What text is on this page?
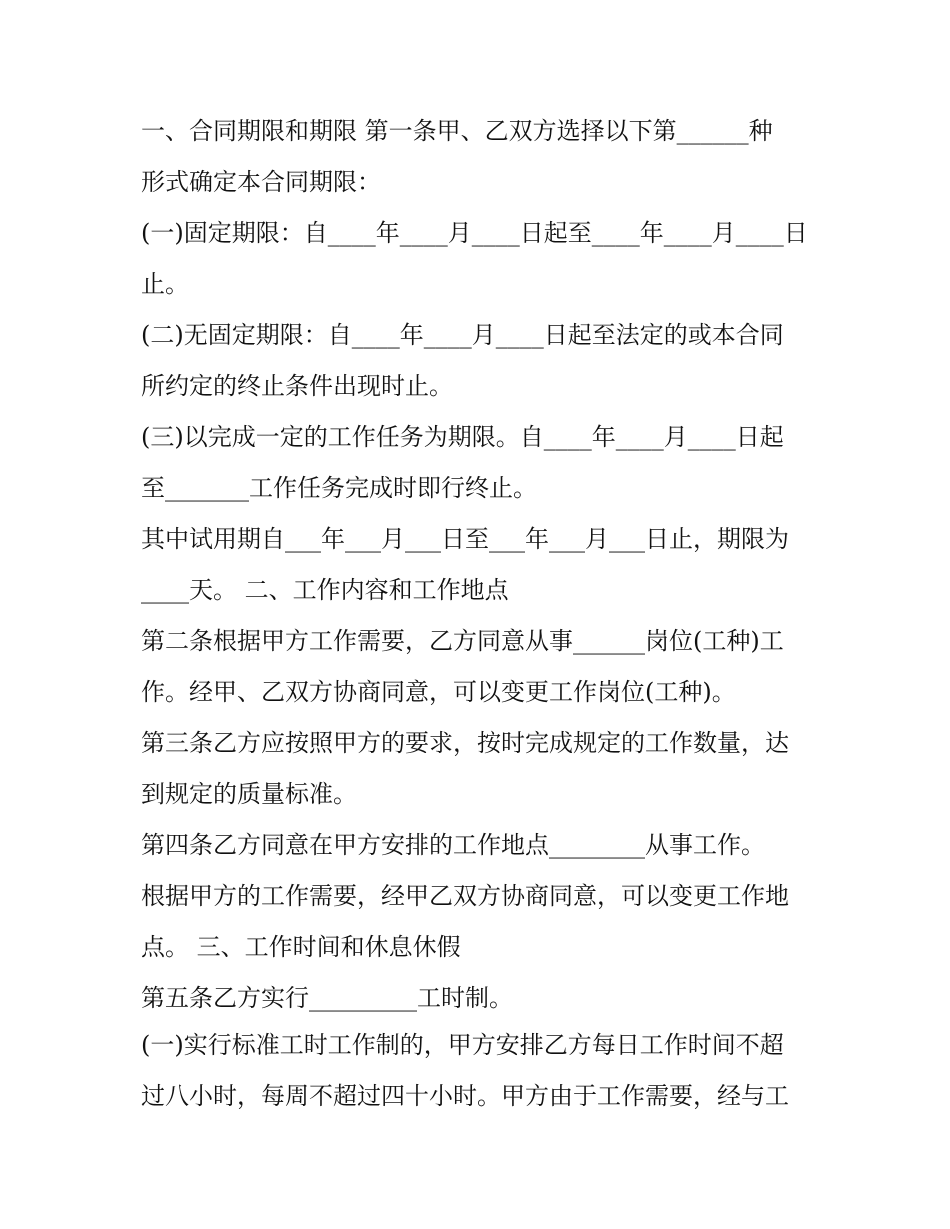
一、合同期限和期限 第一条甲、乙双方选择以下第______种
形式确定本合同期限：
(一)固定期限：自____年____月____日起至____年____月____日
止。
(二)无固定期限：自____年____月____日起至法定的或本合同
所约定的终止条件出现时止。
(三)以完成一定的工作任务为期限。自____年____月____日起
至_______工作任务完成时即行终止。
其中试用期自___年___月___日至___年___月___日止，期限为
____天。 二、工作内容和工作地点
第二条根据甲方工作需要，乙方同意从事______岗位(工种)工
作。经甲、乙双方协商同意，可以变更工作岗位(工种)。
第三条乙方应按照甲方的要求，按时完成规定的工作数量，达
到规定的质量标准。
第四条乙方同意在甲方安排的工作地点________从事工作。
根据甲方的工作需要，经甲乙双方协商同意，可以变更工作地
点。 三、工作时间和休息休假
第五条乙方实行_________工时制。
(一)实行标准工时工作制的，甲方安排乙方每日工作时间不超
过八小时，每周不超过四十小时。甲方由于工作需要，经与工
